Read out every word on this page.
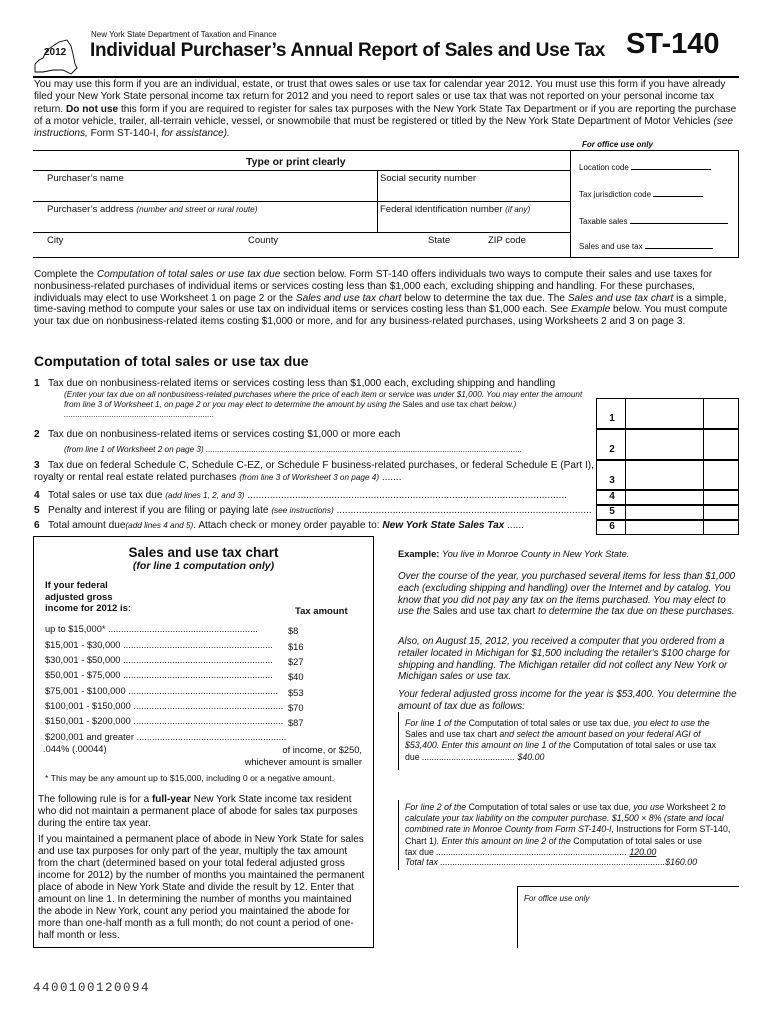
New York State Department of Taxation and Finance
2012 Individual Purchaser’s Annual Report of Sales and Use Tax ST-140
You may use this form if you are an individual, estate, or trust that owes sales or use tax for calendar year 2012. You must use this form if you have already filed your New York State personal income tax return for 2012 and you need to report sales or use tax that was not reported on your personal income tax return. Do not use this form if you are required to register for sales tax purposes with the New York State Tax Department or if you are reporting the purchase of a motor vehicle, trailer, all-terrain vehicle, vessel, or snowmobile that must be registered or titled by the New York State Department of Motor Vehicles (see instructions, Form ST-140-I, for assistance).
For office use only
Type or print clearly
Purchaser’s name	Social security number
Purchaser’s address (number and street or rural route)	Federal identification number (if any)
City	County	State	ZIP code
Location code
Tax jurisdiction code
Taxable sales
Sales and use tax
Complete the Computation of total sales or use tax due section below. Form ST-140 offers individuals two ways to compute their sales and use taxes for nonbusiness-related purchases of individual items or services costing less than $1,000 each, excluding shipping and handling. For these purchases, individuals may elect to use Worksheet 1 on page 2 or the Sales and use tax chart below to determine the tax due. The Sales and use tax chart is a simple, time-saving method to compute your sales or use tax on individual items or services costing less than $1,000 each. See Example below. You must compute your tax due on nonbusiness-related items costing $1,000 or more, and for any business-related purchases, using Worksheets 2 and 3 on page 3.
Computation of total sales or use tax due
1 Tax due on nonbusiness-related items or services costing less than $1,000 each, excluding shipping and handling

(Enter your tax due on all nonbusiness-related purchases where the price of each item or service was under $1,000. You may enter the amount from line 3 of Worksheet 1, on page 2 or you may elect to determine the amount by using the Sales and use tax chart below.) ..................................................................
2 Tax due on nonbusiness-related items or services costing $1,000 or more each

(from line 1 of Worksheet 2 on page 3) ...........................................................................................................................................
3 Tax due on federal Schedule C, Schedule C-EZ, or Schedule F business-related purchases, or federal Schedule E (Part I), royalty or rental real estate related purchases (from line 3 of Worksheet 3 on page 4) .......
4 Total sales or use tax due (add lines 1, 2, and 3) ..................................................................................................................
5 Penalty and interest if you are filing or paying late (see instructions) ...........................................................................................
6 Total amount due(add lines 4 and 5). Attach check or money order payable to: New York State Sales Tax ......
1
2
3
4
5
6
Sales and use tax chart
(for line 1 computation only)
If your federal
adjusted gross
income for 2012 is:	Tax amount
up to $15,000* ..........................................................	$8
$15,001 - $30,000 .......................................................... $16
$30,001 - $50,000 .......................................................... $27
$50,001 - $75,000 .......................................................... $40
$75,001 - $100,000 .......................................................... $53
$100,001 - $150,000 .......................................................... $70
$150,001 - $200,000 .......................................................... $87
$200,001 and greater ...........................................................044% (.00044)	of income, or $250,
whichever amount is smaller
* This may be any amount up to $15,000, including 0 or a negative amount.
The following rule is for a full-year New York State income tax resident who did not maintain a permanent place of abode for sales tax purposes during the entire tax year.
If you maintained a permanent place of abode in New York State for sales and use tax purposes for only part of the year, multiply the tax amount from the chart (determined based on your total federal adjusted gross income for 2012) by the number of months you maintained the permanent place of abode in New York State and divide the result by 12. Enter that amount on line 1. In determining the number of months you maintained the abode in New York, count any period you maintained the abode for more than one-half month as a full month; do not count a period of one-half month or less.
Example: You live in Monroe County in New York State.
Over the course of the year, you purchased several items for less than $1,000 each (excluding shipping and handling) over the Internet and by catalog. You know that you did not pay any tax on the items purchased. You may elect to use the Sales and use tax chart to determine the tax due on these purchases.
Also, on August 15, 2012, you received a computer that you ordered from a retailer located in Michigan for $1,500 including the retailer's $100 charge for shipping and handling. The Michigan retailer did not collect any New York or Michigan sales or use tax.
Your federal adjusted gross income for the year is $53,400. You determine the amount of tax due as follows:
For line 1 of the Computation of total sales or use tax due, you elect to use the Sales and use tax chart and select the amount based on your federal AGI of $53,400. Enter this amount on line 1 of the Computation of total sales or use tax due ...................................... $40.00
For line 2 of the Computation of total sales or use tax due, you use Worksheet 2 to calculate your tax liability on the computer purchase. $1,500 × 8% (state and local combined rate in Monroe County from Form ST-140-I, Instructions for Form ST-140, Chart 1). Enter this amount on line 2 of the Computation of total sales or use
tax due .............................................................................. 120.00
Total tax ............................................................................................$160.00
For office use only
4400100120094
